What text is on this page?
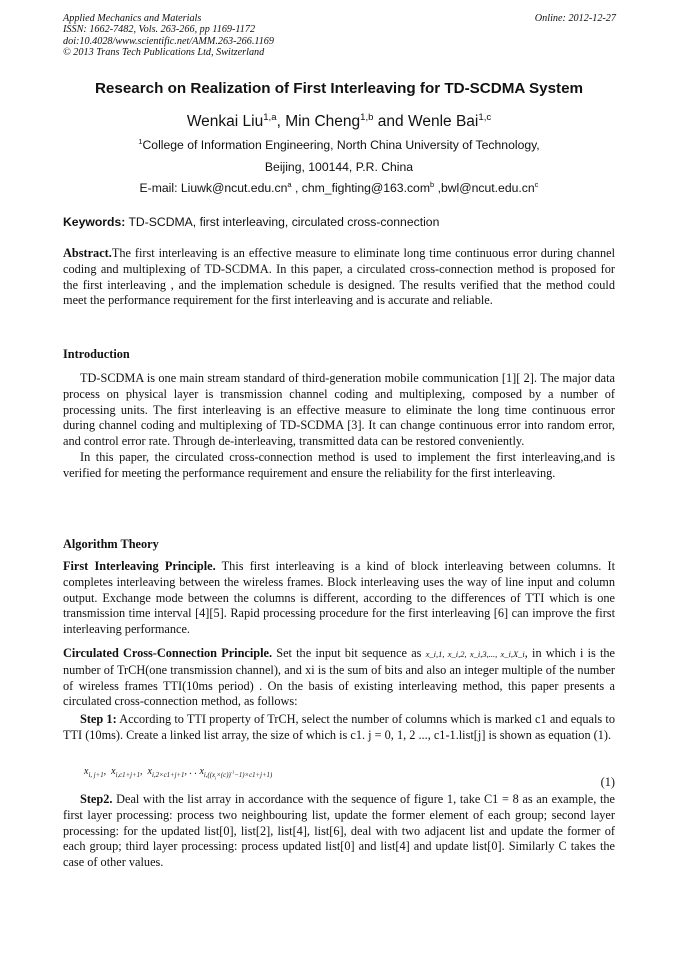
Applied Mechanics and Materials
ISSN: 1662-7482, Vols. 263-266, pp 1169-1172
doi:10.4028/www.scientific.net/AMM.263-266.1169
© 2013 Trans Tech Publications Ltd, Switzerland
Online: 2012-12-27
Research on Realization of First Interleaving for TD-SCDMA System
Wenkai Liu$^{1,a}$, Min Cheng$^{1,b}$ and Wenle Bai$^{1,c}$
$^1$College of Information Engineering, North China University of Technology,
Beijing, 100144, P.R. China
E-mail: $Liuwk@ncut.edu.cn^a$ , chm_fighting@163.com$^b$ $,bwl@ncut.edu.cn^c$
Keywords: TD-SCDMA, first interleaving, circulated cross-connection
Abstract.The first interleaving is an effective measure to eliminate long time continuous error during channel coding and multiplexing of TD-SCDMA. In this paper, a circulated cross-connection method is proposed for the first interleaving , and the implemation schedule is designed. The results verified that the method could meet the performance requirement for the first interleaving and is accurate and reliable.
Introduction

TD-SCDMA is one main stream standard of third-generation mobile communication [1][ 2]. The major data process on physical layer is transmission channel coding and multiplexing, composed by a number of processing units. The first interleaving is an effective measure to eliminate the long time continuous error during channel coding and multiplexing of TD-SCDMA [3]. It can change continuous error into random error, and control error rate. Through de-interleaving, transmitted data can be restored conveniently.

In this paper, the circulated cross-connection method is used to implement the first interleaving,and is verified for meeting the performance requirement and ensure the reliability for the first interleaving.

Algorithm Theory
First Interleaving Principle. This first interleaving is a kind of block interleaving between columns. It completes interleaving between the wireless frames. Block interleaving uses the way of line input and column output. Exchange mode between the columns is different, according to the differences of TTI which is one transmission time interval [4][5]. Rapid processing procedure for the first interleaving [6] can improve the first interleaving performance.
Circulated Cross-Connection Principle. Set the input bit sequence as x_i,1, x_i,2, x_i,3,..., x_i,X_i, in which i is the number of TrCH(one transmission channel), and xi is the sum of bits and also an integer multiple of the number of wireless frames TTI(10ms period) . On the basis of existing interleaving method, this paper presents a circulated cross-connection method, as follows:
Step 1: According to TTI property of TrCH, select the number of columns which is marked c1 and equals to TTI (10ms). Create a linked list array, the size of which is c1. j = 0, 1, 2 ..., c1-1.list[j] is shown as equation (1).
$x_{i, j+1}$,  $x_{i,c1+j+1}$,  $x_{i,2\times c1+j+1}$, . . $x_{i,((x_i\times(c))^{-1}-1)\times c1+j+1)}$	(1)
Step2. Deal with the list array in accordance with the sequence of figure 1, take C1 = 8 as an example, the first layer processing: process two neighbouring list, update the former element of each group; second layer processing: for the updated list[0], list[2], list[4], list[6], deal with two adjacent list and update the former of each group; third layer processing: process updated list[0] and list[4] and update list[0]. Similarly C takes the case of other values.
